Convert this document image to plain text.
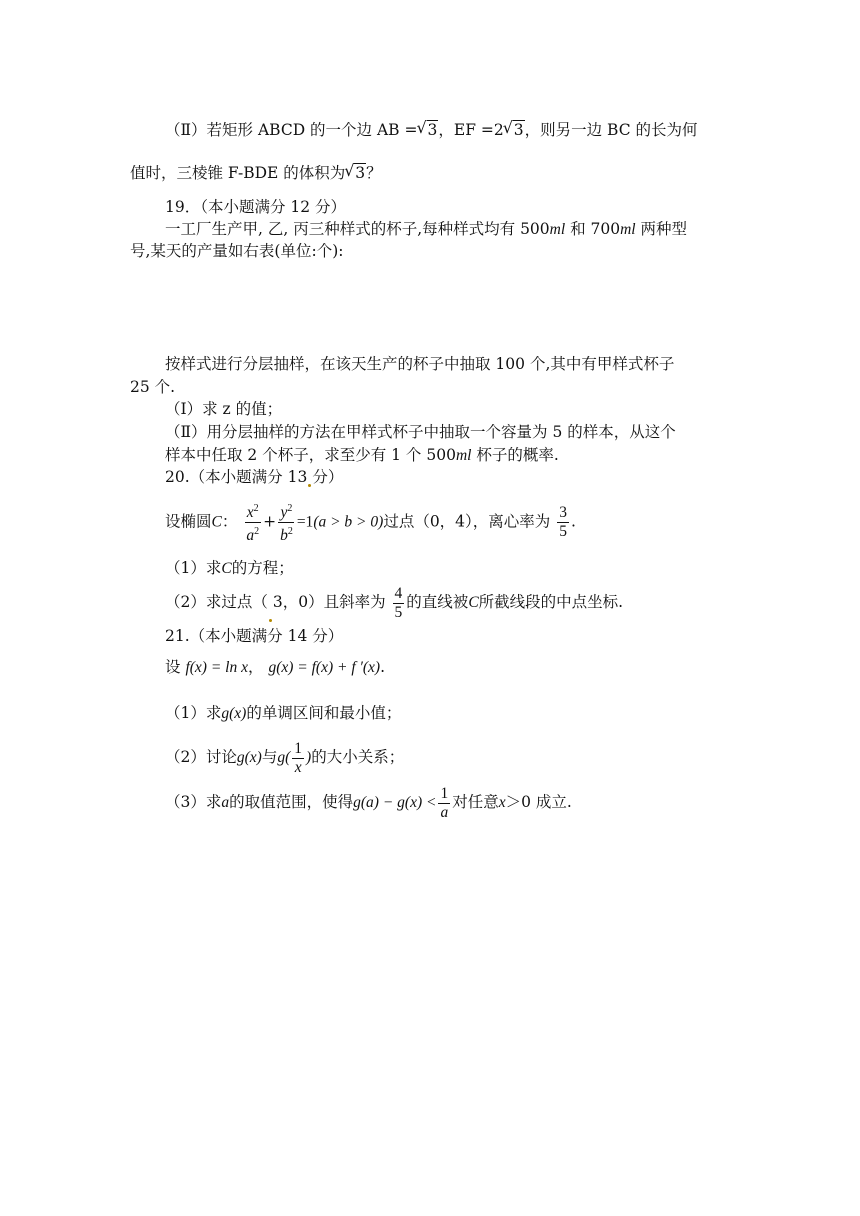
（Ⅱ）若矩形 ABCD 的一个边 AB = √ 3，EF =2 √ 3，则另一边 BC 的长为何
值时，三棱锥 F-BDE 的体积为 √ 3？
19．（本小题满分 12 分）
一工厂生产甲, 乙, 丙三种样式的杯子,每种样式均有 500ml 和 700ml 两种型
号,某天的产量如右表(单位:个):
按样式进行分层抽样，在该天生产的杯子中抽取 100 个,其中有甲样式杯子
25 个.
（I）求 z 的值；
（Ⅱ）用分层抽样的方法在甲样式杯子中抽取一个容量为 5 的样本，从这个
样本中任取 2 个杯子，求至少有 1 个 500ml 杯子的概率.
20.（本小题满分 13 分）
设椭圆C： $\frac{x^2}{a^2} + \frac{y^2}{b^2} =1(a > b > 0)$过点（0，4），离心率为 $\frac{3}{5}$ .
（1）求C的方程；
（2）求过点（ 3，0）且斜率为 $\frac{4}{5}$ 的直线被C所截线段的中点坐标.
21.（本小题满分 14 分）
设 f(x) = ln x， g(x) = f(x) + f ′(x).
（1）求g(x)的单调区间和最小值；
（2）讨论g(x)与$g( \frac{1}{x}$ )的大小关系；
（3）求a的取值范围，使得$g(a) - g(x) < \frac{1}{a}$ 对任意x＞0 成立.
